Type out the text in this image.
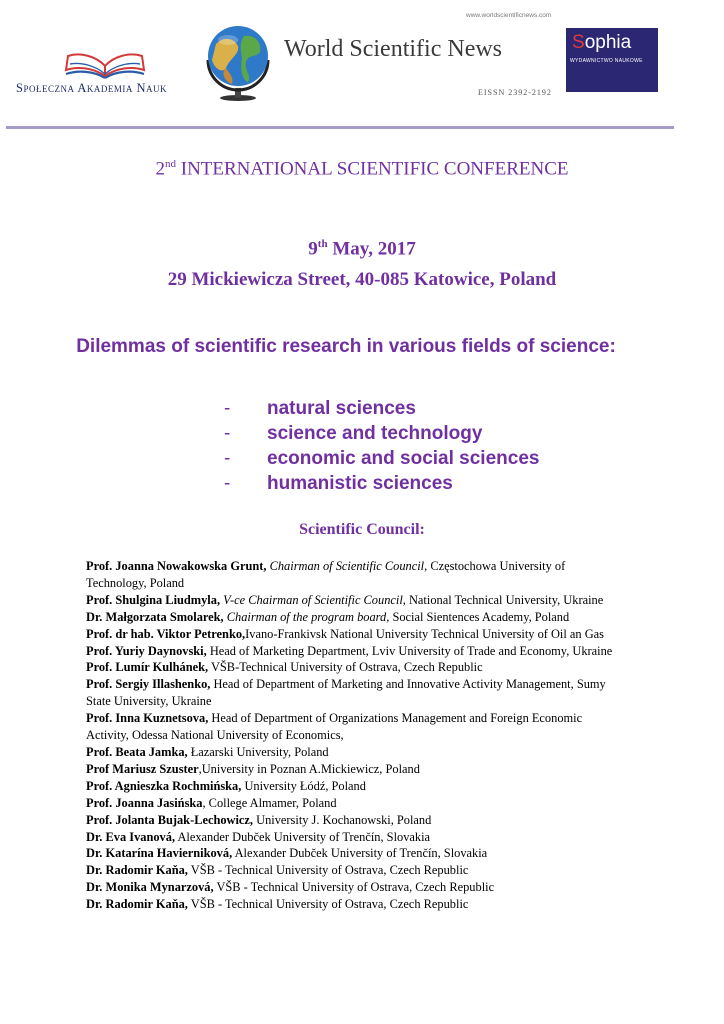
Społeczna Akademia Nauk
www.worldscientificnews.com
World Scientific News
EISSN 2392-2192
Sophia
WYDAWNICTWO NAUKOWE
2nd INTERNATIONAL SCIENTIFIC CONFERENCE
9th May, 2017
29 Mickiewicza Street, 40-085 Katowice, Poland
Dilemmas of scientific research in various fields of science:
- natural sciences
- science and technology
- economic and social sciences
- humanistic sciences
Scientific Council:
Prof. Joanna Nowakowska Grunt, Chairman of Scientific Council, Częstochowa University of Technology, Poland
Prof. Shulgina Liudmyla, V-ce Chairman of Scientific Council, National Technical University, Ukraine
Dr. Małgorzata Smolarek, Chairman of the program board, Social Sientences Academy, Poland
Prof. dr hab. Viktor Petrenko,Ivano-Frankivsk National University Technical University of Oil an Gas
Prof. Yuriy Daynovski, Head of Marketing Department, Lviv University of Trade and Economy, Ukraine
Prof. Lumír Kulhánek, VŠB-Technical University of Ostrava, Czech Republic
Prof. Sergiy Illashenko, Head of Department of Marketing and Innovative Activity Management, Sumy State University, Ukraine
Prof. Inna Kuznetsova, Head of Department of Organizations Management and Foreign Economic Activity, Odessa National University of Economics,
Prof. Beata Jamka, Łazarski University, Poland
Prof Mariusz Szuster,University in Poznan A.Mickiewicz, Poland
Prof. Agnieszka Rochmińska, University Łódź, Poland
Prof. Joanna Jasińska, College Almamer, Poland
Prof. Jolanta Bujak-Lechowicz, University J. Kochanowski, Poland
Dr. Eva Ivanová, Alexander Dubček University of Trenčín, Slovakia
Dr. Katarína Havierniková, Alexander Dubček University of Trenčín, Slovakia
Dr. Radomir Kaňa, VŠB - Technical University of Ostrava, Czech Republic
Dr. Monika Mynarzová, VŠB - Technical University of Ostrava, Czech Republic
Dr. Radomir Kaňa, VŠB - Technical University of Ostrava, Czech Republic
